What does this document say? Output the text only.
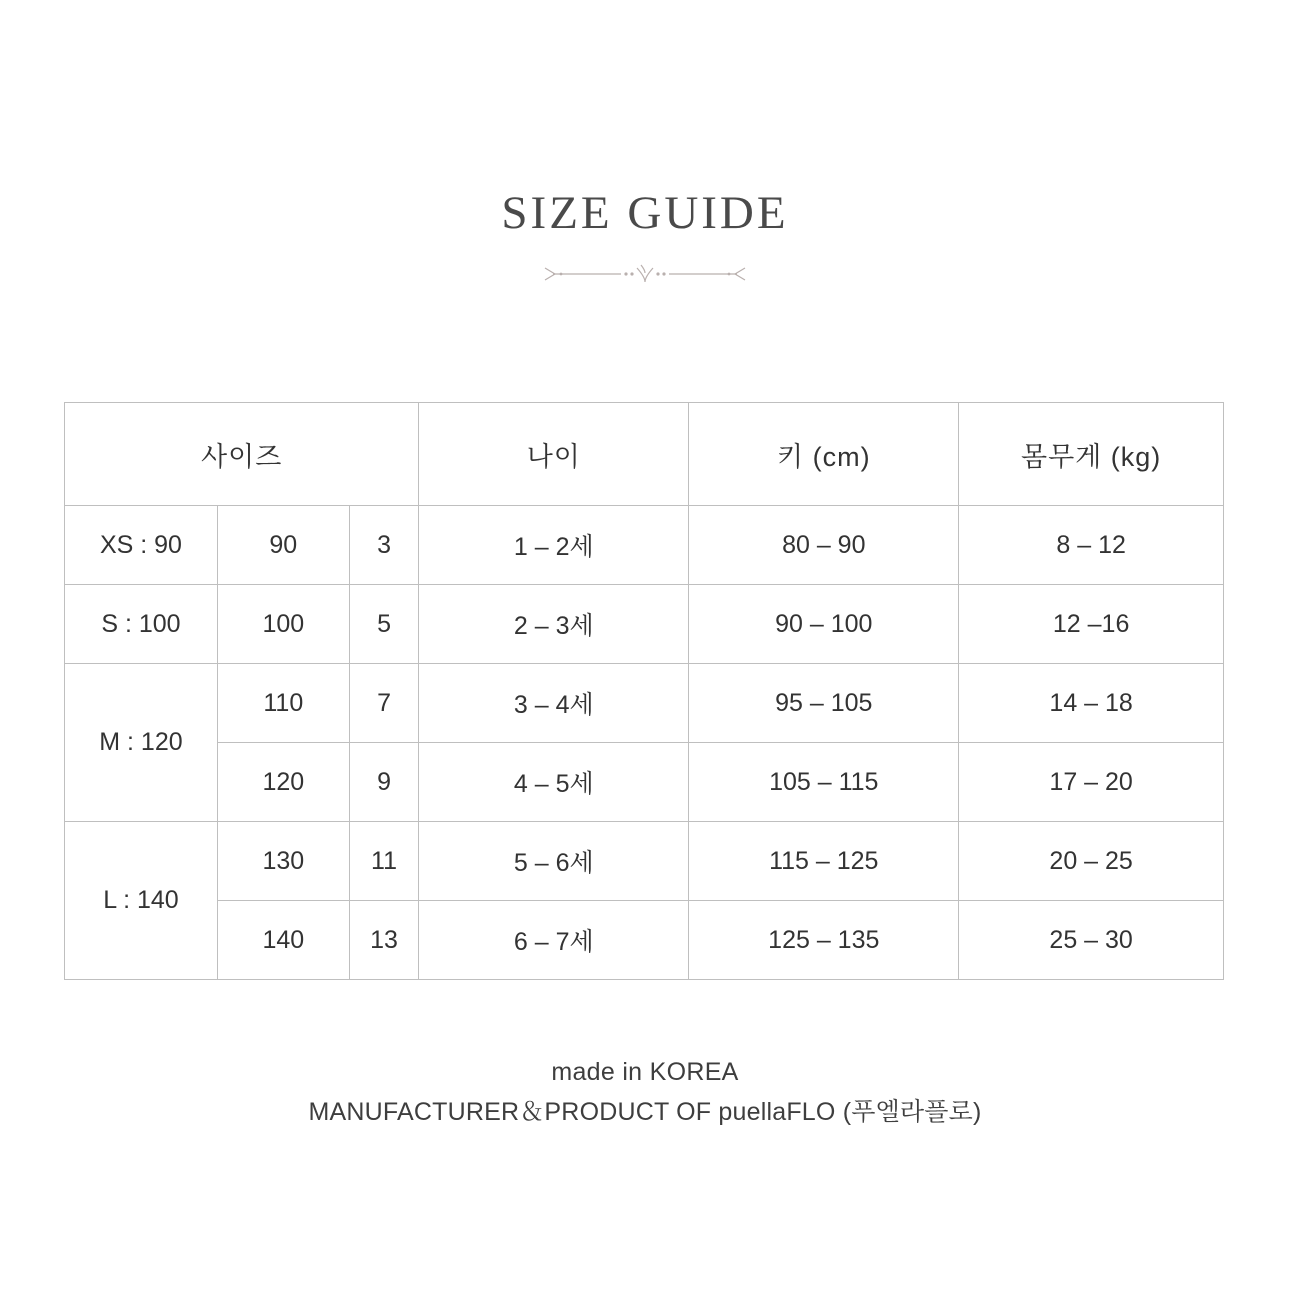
SIZE GUIDE
사이즈			나이	키 (cm)	몸무게 (kg)
XS : 90	90	3	1 – 2세	80 – 90	8 – 12
S : 100	100	5	2 – 3세	90 – 100	12 –16
M : 120	110	7	3 – 4세	95 – 105	14 – 18
	120	9	4 – 5세	105 – 115	17 – 20
L : 140	130	11	5 – 6세	115 – 125	20 – 25
	140	13	6 – 7세	125 – 135	25 – 30
made in KOREA
MANUFACTURER＆PRODUCT OF puellaFLO (푸엘라플로)
